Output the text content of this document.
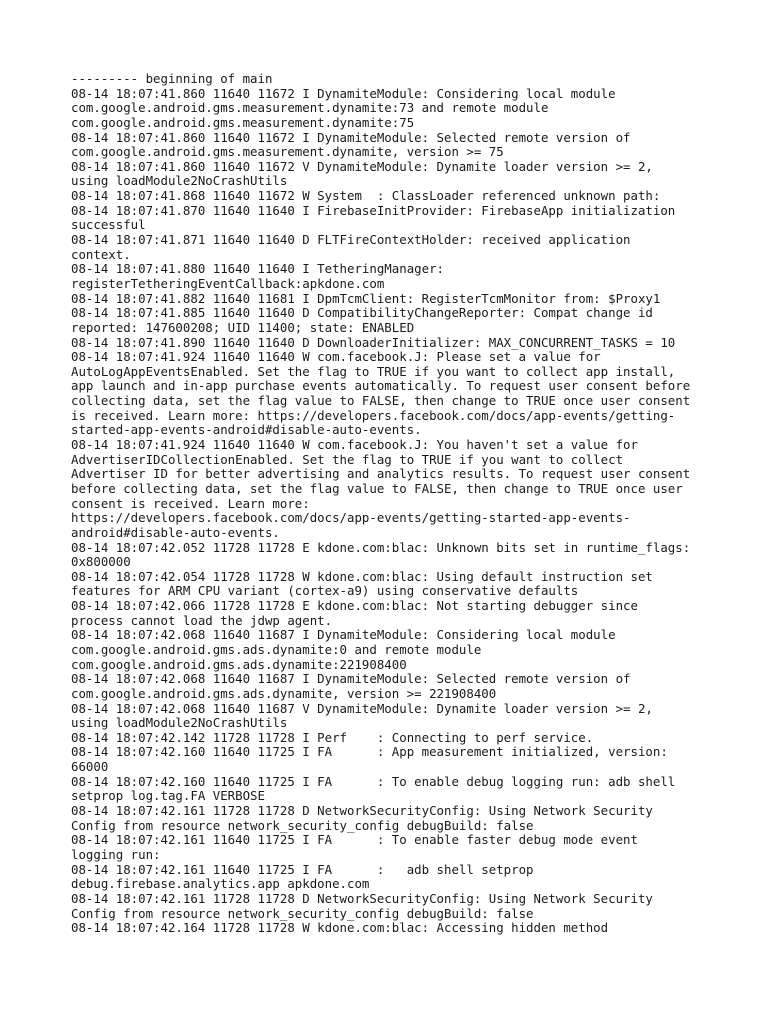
--------- beginning of main
08-14 18:07:41.860 11640 11672 I DynamiteModule: Considering local module
com.google.android.gms.measurement.dynamite:73 and remote module
com.google.android.gms.measurement.dynamite:75
08-14 18:07:41.860 11640 11672 I DynamiteModule: Selected remote version of
com.google.android.gms.measurement.dynamite, version >= 75
08-14 18:07:41.860 11640 11672 V DynamiteModule: Dynamite loader version >= 2,
using loadModule2NoCrashUtils
08-14 18:07:41.868 11640 11672 W System  : ClassLoader referenced unknown path:
08-14 18:07:41.870 11640 11640 I FirebaseInitProvider: FirebaseApp initialization
successful
08-14 18:07:41.871 11640 11640 D FLTFireContextHolder: received application
context.
08-14 18:07:41.880 11640 11640 I TetheringManager:
registerTetheringEventCallback:apkdone.com
08-14 18:07:41.882 11640 11681 I DpmTcmClient: RegisterTcmMonitor from: $Proxy1
08-14 18:07:41.885 11640 11640 D CompatibilityChangeReporter: Compat change id
reported: 147600208; UID 11400; state: ENABLED
08-14 18:07:41.890 11640 11640 D DownloaderInitializer: MAX_CONCURRENT_TASKS = 10
08-14 18:07:41.924 11640 11640 W com.facebook.J: Please set a value for
AutoLogAppEventsEnabled. Set the flag to TRUE if you want to collect app install,
app launch and in-app purchase events automatically. To request user consent before
collecting data, set the flag value to FALSE, then change to TRUE once user consent
is received. Learn more: https://developers.facebook.com/docs/app-events/getting-
started-app-events-android#disable-auto-events.
08-14 18:07:41.924 11640 11640 W com.facebook.J: You haven't set a value for
AdvertiserIDCollectionEnabled. Set the flag to TRUE if you want to collect
Advertiser ID for better advertising and analytics results. To request user consent
before collecting data, set the flag value to FALSE, then change to TRUE once user
consent is received. Learn more:
https://developers.facebook.com/docs/app-events/getting-started-app-events-
android#disable-auto-events.
08-14 18:07:42.052 11728 11728 E kdone.com:blac: Unknown bits set in runtime_flags:
0x800000
08-14 18:07:42.054 11728 11728 W kdone.com:blac: Using default instruction set
features for ARM CPU variant (cortex-a9) using conservative defaults
08-14 18:07:42.066 11728 11728 E kdone.com:blac: Not starting debugger since
process cannot load the jdwp agent.
08-14 18:07:42.068 11640 11687 I DynamiteModule: Considering local module
com.google.android.gms.ads.dynamite:0 and remote module
com.google.android.gms.ads.dynamite:221908400
08-14 18:07:42.068 11640 11687 I DynamiteModule: Selected remote version of
com.google.android.gms.ads.dynamite, version >= 221908400
08-14 18:07:42.068 11640 11687 V DynamiteModule: Dynamite loader version >= 2,
using loadModule2NoCrashUtils
08-14 18:07:42.142 11728 11728 I Perf    : Connecting to perf service.
08-14 18:07:42.160 11640 11725 I FA      : App measurement initialized, version:
66000
08-14 18:07:42.160 11640 11725 I FA      : To enable debug logging run: adb shell
setprop log.tag.FA VERBOSE
08-14 18:07:42.161 11728 11728 D NetworkSecurityConfig: Using Network Security
Config from resource network_security_config debugBuild: false
08-14 18:07:42.161 11640 11725 I FA      : To enable faster debug mode event
logging run:
08-14 18:07:42.161 11640 11725 I FA      :   adb shell setprop
debug.firebase.analytics.app apkdone.com
08-14 18:07:42.161 11728 11728 D NetworkSecurityConfig: Using Network Security
Config from resource network_security_config debugBuild: false
08-14 18:07:42.164 11728 11728 W kdone.com:blac: Accessing hidden method
